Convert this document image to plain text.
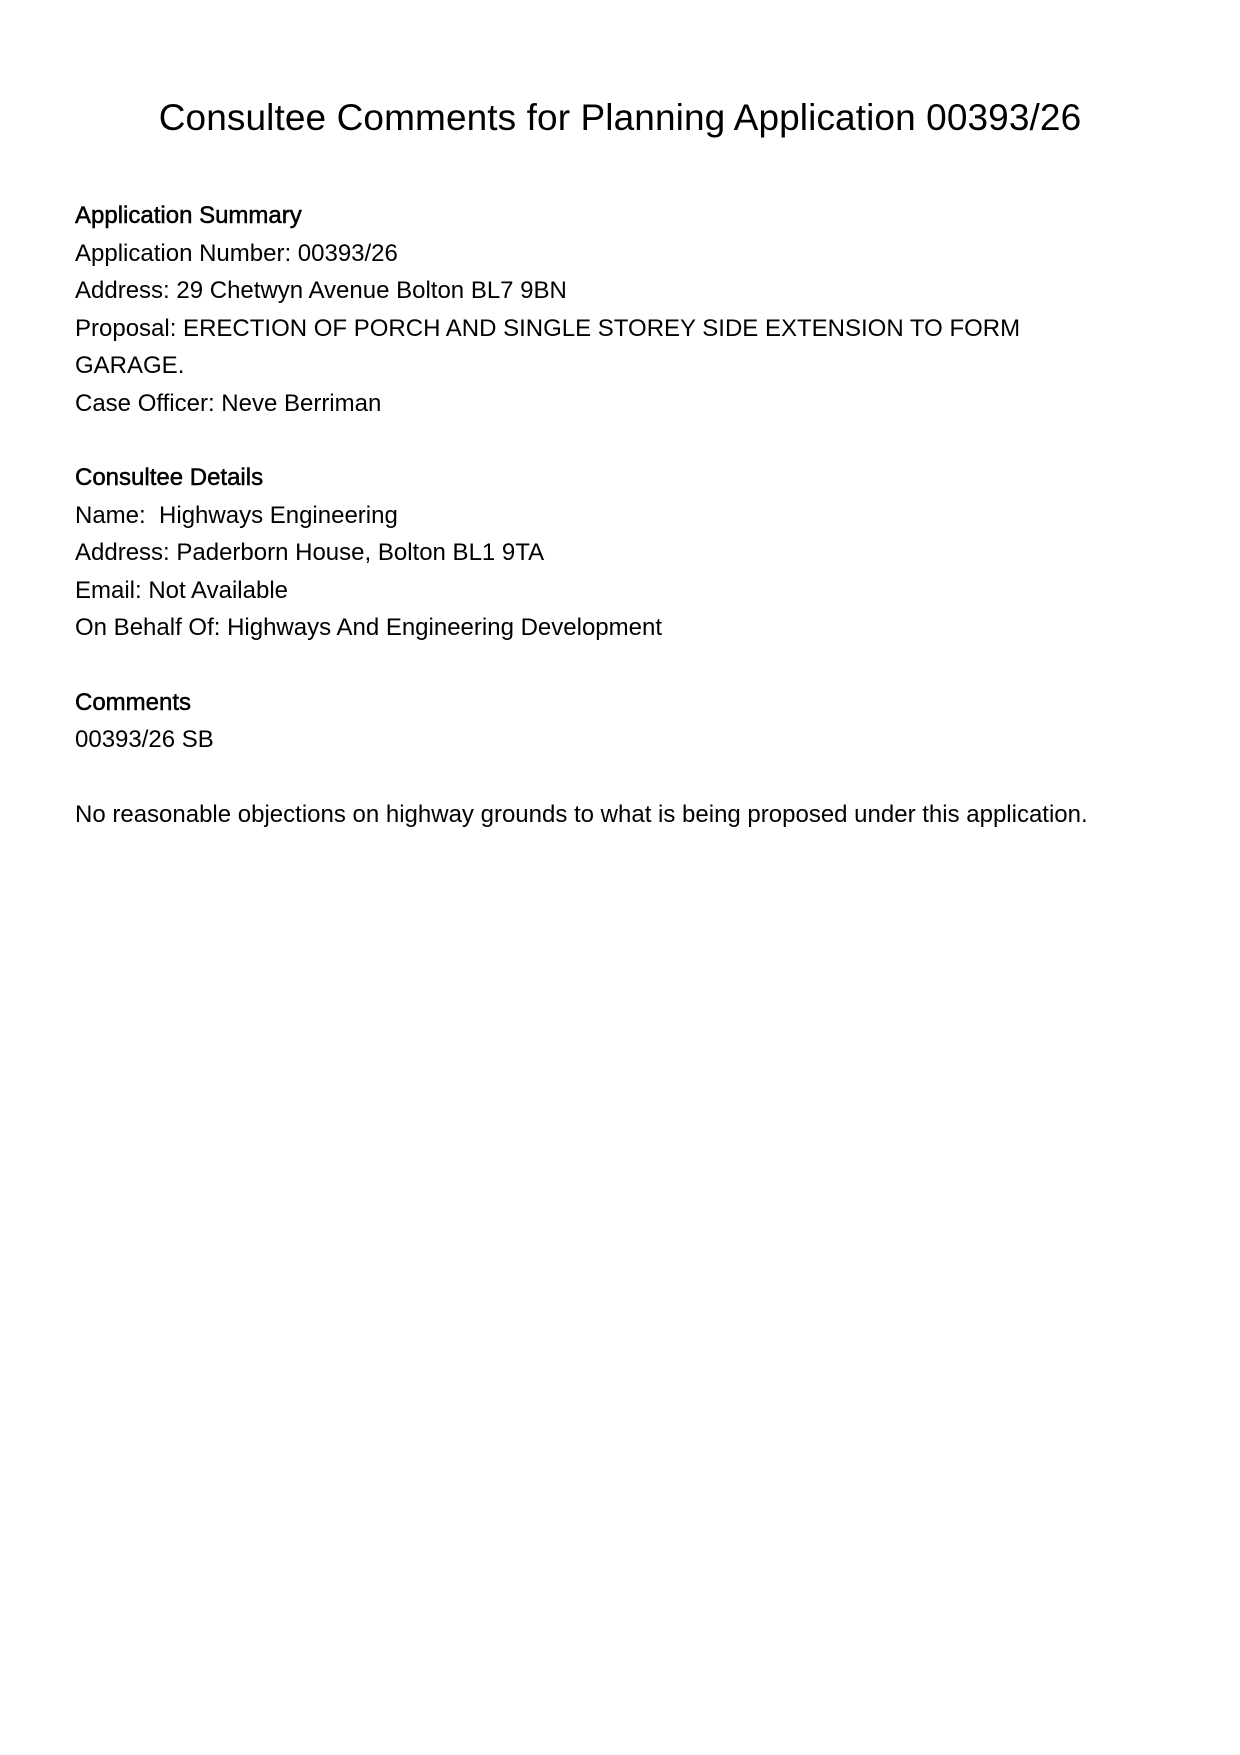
Consultee Comments for Planning Application 00393/26
Application Summary
Application Number: 00393/26
Address: 29 Chetwyn Avenue Bolton BL7 9BN
Proposal: ERECTION OF PORCH AND SINGLE STOREY SIDE EXTENSION TO FORM
GARAGE.
Case Officer: Neve Berriman
Consultee Details
Name:  Highways Engineering
Address: Paderborn House, Bolton BL1 9TA
Email: Not Available
On Behalf Of: Highways And Engineering Development
Comments
00393/26 SB
No reasonable objections on highway grounds to what is being proposed under this application.
